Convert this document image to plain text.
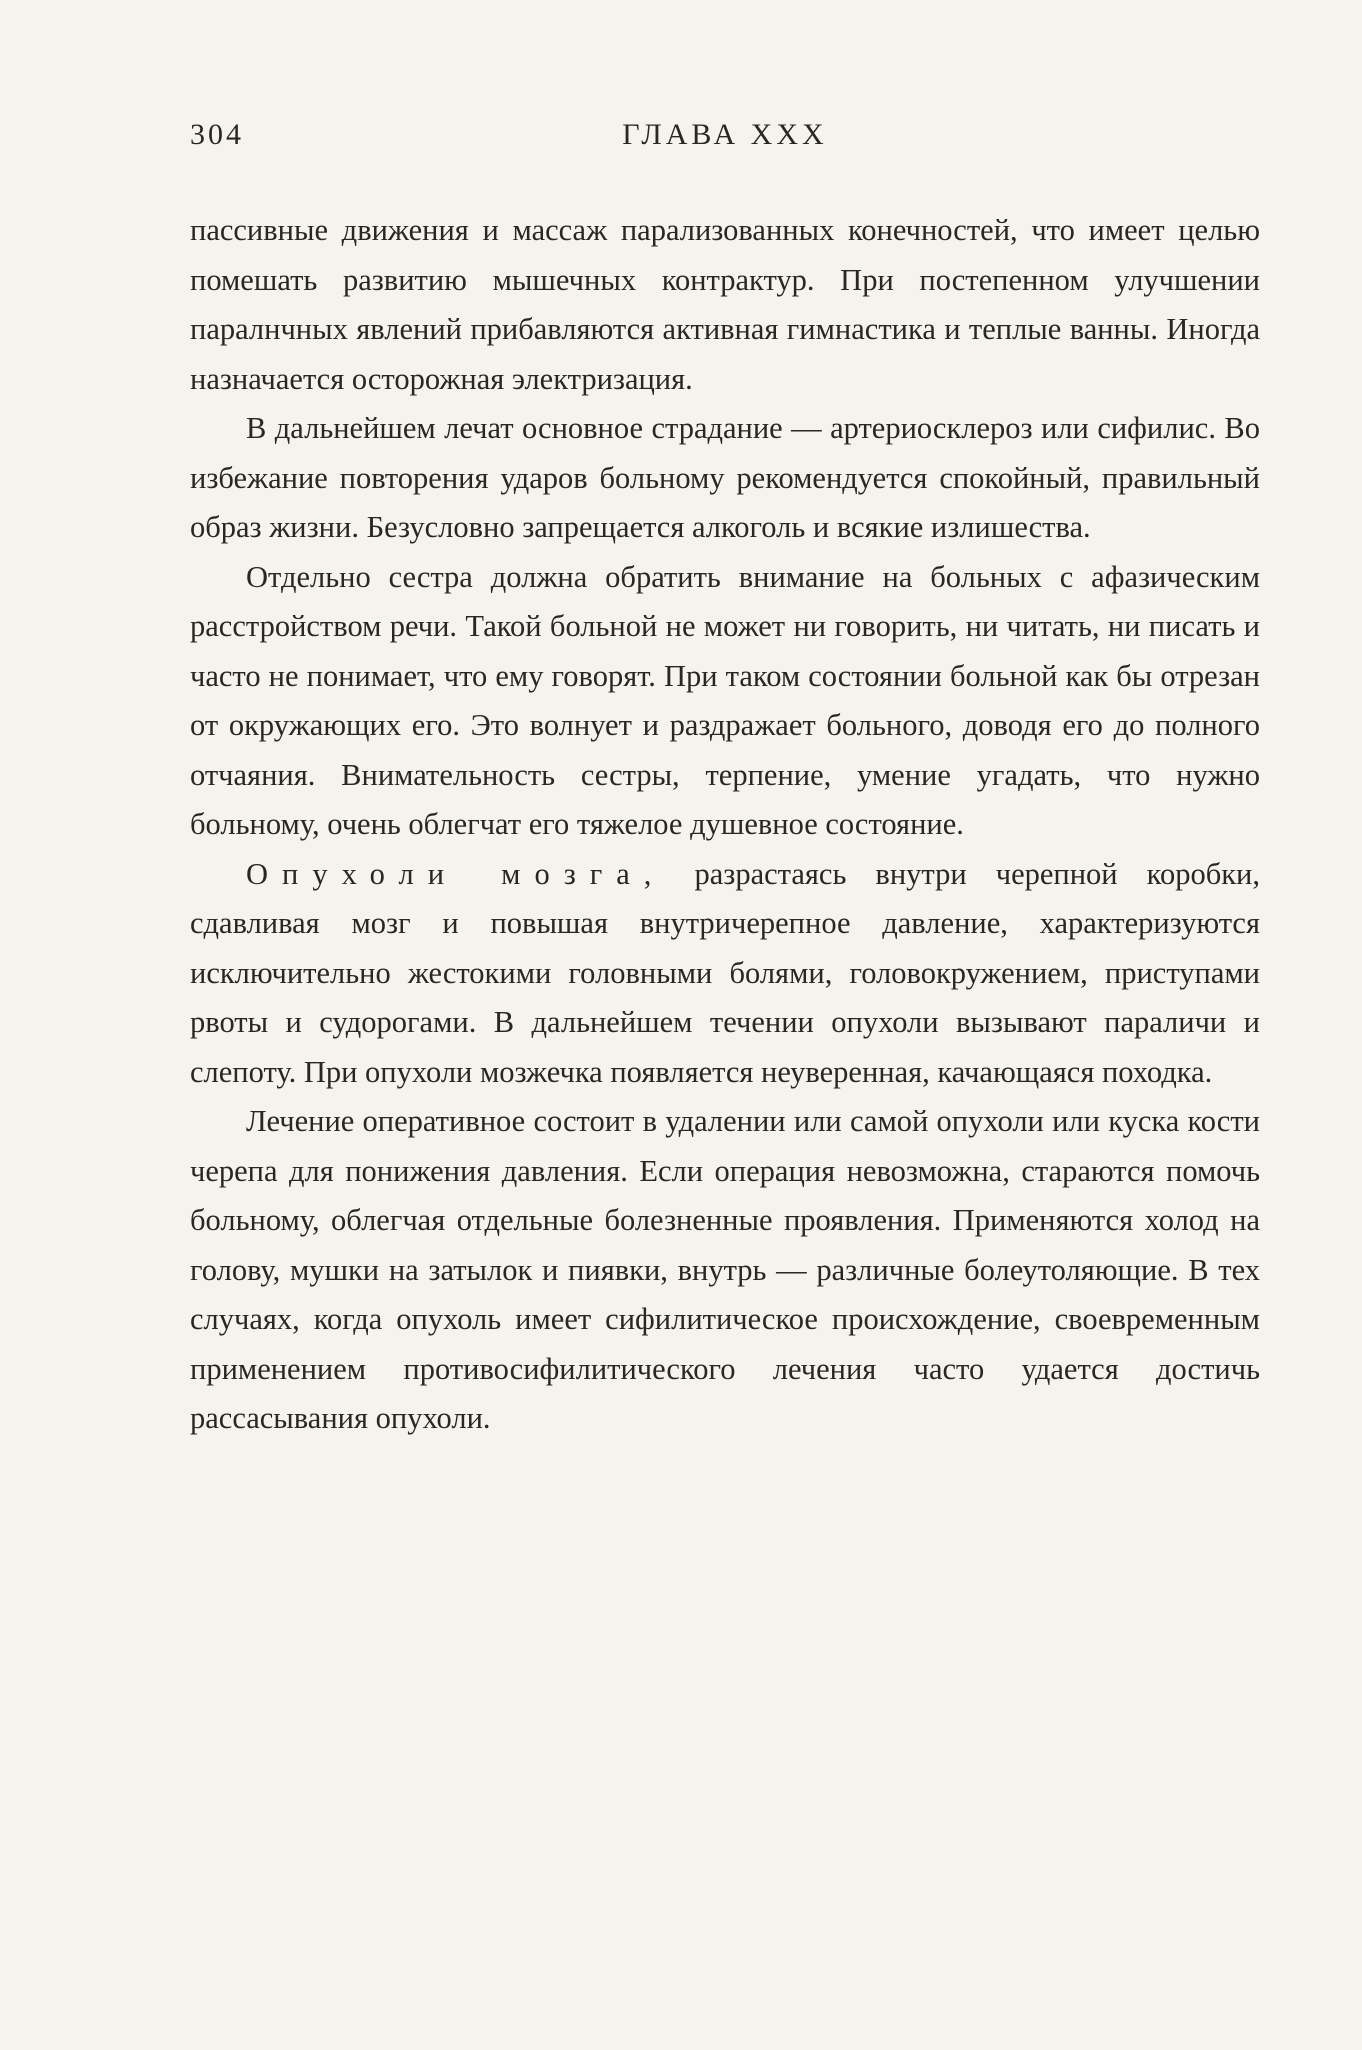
304	ГЛАВА XXX

пассивные движения и массаж парализованных конечностей, что имеет целью помешать развитию мышечных контрактур. При постепенном улучшении паралнчных явлений прибавляются активная гимнастика и теплые ванны. Иногда назначается осторожная электризация.

В дальнейшем лечат основное страдание — артериосклероз или сифилис. Во избежание повторения ударов больному рекомендуется спокойный, правильный образ жизни. Безусловно запрещается алкоголь и всякие излишества.

Отдельно сестра должна обратить внимание на больных с афазическим расстройством речи. Такой больной не может ни говорить, ни читать, ни писать и часто не понимает, что ему говорят. При таком состоянии больной как бы отрезан от окружающих его. Это волнует и раздражает больного, доводя его до полного отчаяния. Внимательность сестры, терпение, умение угадать, что нужно больному, очень облегчат его тяжелое душевное состояние.

Опухоли мозга, разрастаясь внутри черепной коробки, сдавливая мозг и повышая внутричерепное давление, характеризуются исключительно жестокими головными болями, головокружением, приступами рвоты и судорогами. В дальнейшем течении опухоли вызывают параличи и слепоту. При опухоли мозжечка появляется неуверенная, качающаяся походка.

Лечение оперативное состоит в удалении или самой опухоли или куска кости черепа для понижения давления. Если операция невозможна, стараются помочь больному, облегчая отдельные болезненные проявления. Применяются холод на голову, мушки на затылок и пиявки, внутрь — различные болеутоляющие. В тех случаях, когда опухоль имеет сифилитическое происхождение, своевременным применением противосифилитического лечения часто удается достичь рассасывания опухоли.
